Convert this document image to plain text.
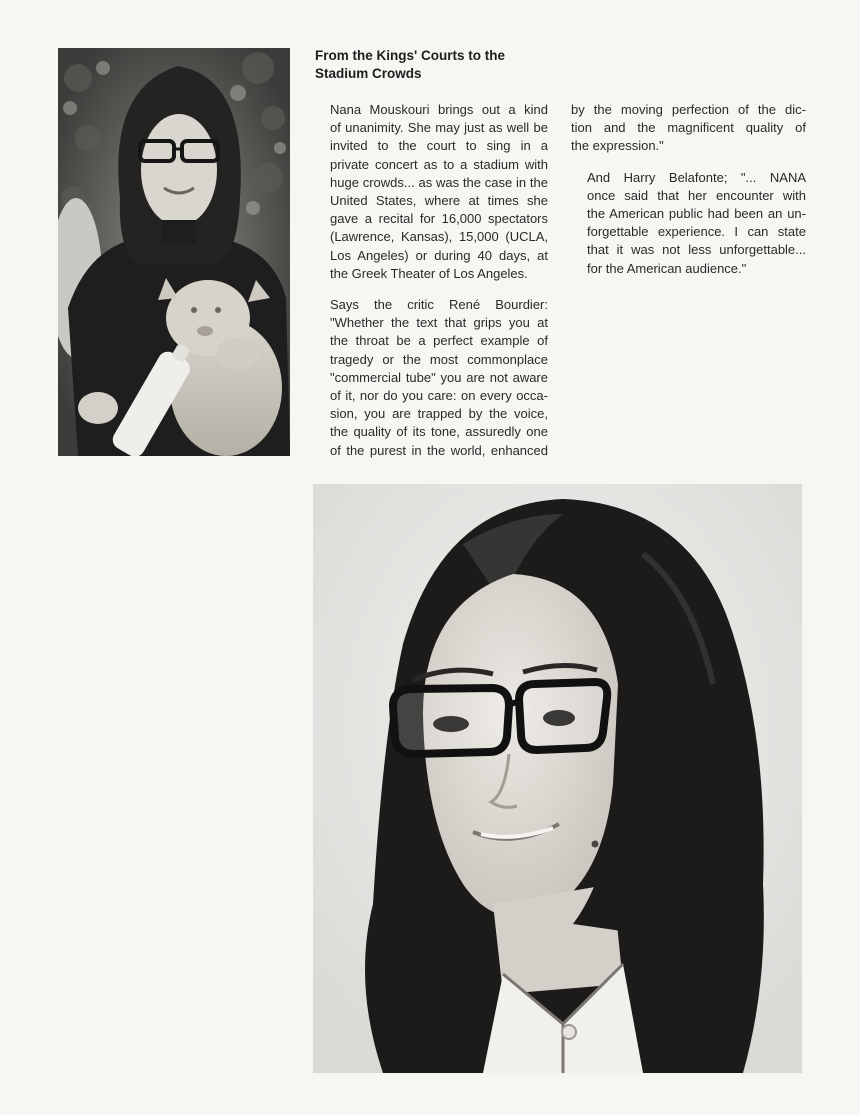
From the Kings' Courts to the
Stadium Crowds

Nana Mouskouri brings out a kind
of unanimity. She may just as well be
invited to the court to sing in a
private concert as to a stadium with
huge crowds... as was the case in the
United States, where at times she
gave a recital for 16,000 spectators
(Lawrence, Kansas), 15,000 (UCLA,
Los Angeles) or during 40 days, at
the Greek Theater of Los Angeles.

Says the critic René Bourdier:
"Whether the text that grips you at
the throat be a perfect example of
tragedy or the most commonplace
"commercial tube" you are not aware
of it, nor do you care: on every occa-
sion, you are trapped by the voice,
the quality of its tone, assuredly one
of the purest in the world, enhanced

by the moving perfection of the dic-
tion and the magnificent quality of
the expression."

And Harry Belafonte; "... NANA
once said that her encounter with
the American public had been an un-
forgettable experience. I can state
that it was not less unforgettable...
for the American audience."
